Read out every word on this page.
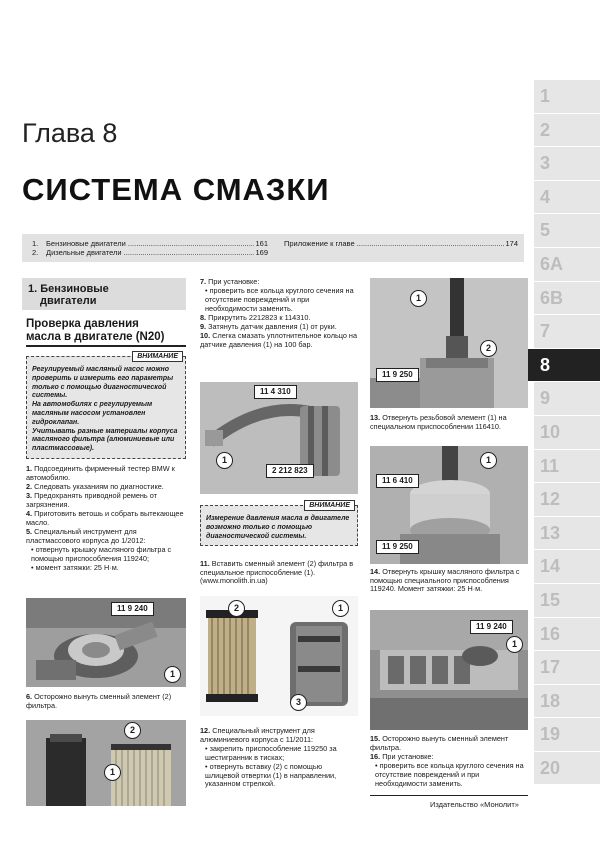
Глава 8
СИСТЕМА СМАЗКИ
1.	Бензиновые двигатели .....	161
2.	Дизельные двигатели .....	169
Приложение к главе .....	174
1
2
3
4
5
6A
6B
7
8
9
10
11
12
13
14
15
16
17
18
19
20
1. Бензиновые
двигатели
Проверка давления
масла в двигателе (N20)
ВНИМАНИЕ

Регулируемый масляный насос можно проверить и измерить его параметры только с помощью диагностической системы.

На автомобилях с регулируемым масляным насосом установлен гидроклапан.

Учитывать разные материалы корпуса масляного фильтра (алюминиевые или пластмассовые).

1. Подсоединить фирменный тестер BMW к автомобилю.

2. Следовать указаниям по диагностике.

3. Предохранять приводной ремень от загрязнения.

4. Приготовить ветошь и собрать вытекающее масло.

5. Специальный инструмент для пластмассового корпуса до 1/2012:

• отвернуть крышку масляного фильтра с помощью приспособления 119240;

• момент затяжки: 25 Н·м.

11 9 240
1

6. Осторожно вынуть сменный элемент (2) фильтра.

2
1

7. При установке:

• проверить все кольца круглого сечения на отсутствие повреждений и при необходимости заменить.

8. Прикрутить 2212823 к 114310.

9. Затянуть датчик давления (1) от руки.

10. Слегка смазать уплотнительное кольцо на датчике давления (1) на 100 бар.

11 4 310
2 212 823
1
ВНИМАНИЕ

Измерение давления масла в двигателе возможно только с помощью диагностической системы.

11. Вставить сменный элемент (2) фильтра в специальное приспособление (1). (www.monolith.in.ua)

2	1
3

12. Специальный инструмент для алюминиевого корпуса с 11/2011:

• закрепить приспособление 119250 за шестигранник в тисках;

• отвернуть вставку (2) с помощью шлицевой отвертки (1) в направлении, указанном стрелкой.

1
2
11 9 250

13. Отвернуть резьбовой элемент (1) на специальном приспособлении 116410.

11 6 410
1
11 9 250

14. Отвернуть крышку масляного фильтра с помощью специального приспособления 119240. Момент затяжки: 25 Н·м.

11 9 240
1

15. Осторожно вынуть сменный элемент фильтра.

16. При установке:

• проверить все кольца круглого сечения на отсутствие повреждений и при необходимости заменить.

Издательство «Монолит»
